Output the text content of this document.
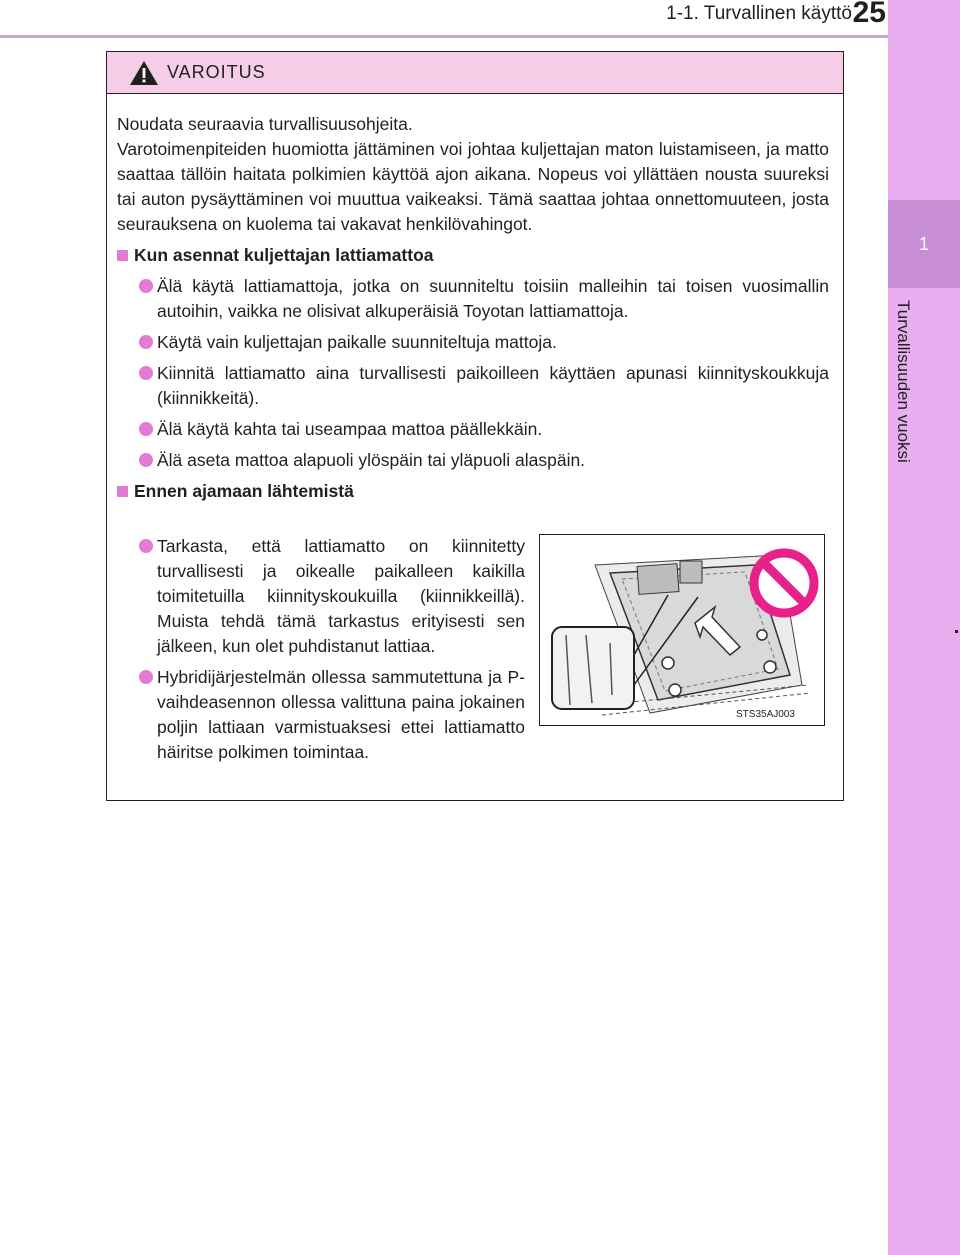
1-1. Turvallinen käyttö 25
1
Turvallisuuden vuoksi
VAROITUS

Noudata seuraavia turvallisuusohjeita.

Varotoimenpiteiden huomiotta jättäminen voi johtaa kuljettajan maton luistamiseen, ja matto saattaa tällöin haitata polkimien käyttöä ajon aikana. Nopeus voi yllättäen nousta suureksi tai auton pysäyttäminen voi muuttua vaikeaksi. Tämä saattaa johtaa onnettomuuteen, josta seurauksena on kuolema tai vakavat henkilövahingot.

Kun asennat kuljettajan lattiamattoa
Älä käytä lattiamattoja, jotka on suunniteltu toisiin malleihin tai toisen vuosimallin autoihin, vaikka ne olisivat alkuperäisiä Toyotan lattiamattoja.
Käytä vain kuljettajan paikalle suunniteltuja mattoja.
Kiinnitä lattiamatto aina turvallisesti paikoilleen käyttäen apunasi kiinnityskoukkuja (kiinnikkeitä).
Älä käytä kahta tai useampaa mattoa päällekkäin.
Älä aseta mattoa alapuoli ylöspäin tai yläpuoli alaspäin.
Ennen ajamaan lähtemistä
Tarkasta, että lattiamatto on kiinnitetty turvallisesti ja oikealle paikalleen kaikilla toimitetuilla kiinnityskoukuilla (kiinnikkeillä). Muista tehdä tämä tarkastus erityisesti sen jälkeen, kun olet puhdistanut lattiaa.
Hybridijärjestelmän ollessa sammutettuna ja P-vaihdeasennon ollessa valittuna paina jokainen poljin lattiaan varmistuaksesi ettei lattiamatto häiritse polkimen toimintaa.
STS35AJ003
